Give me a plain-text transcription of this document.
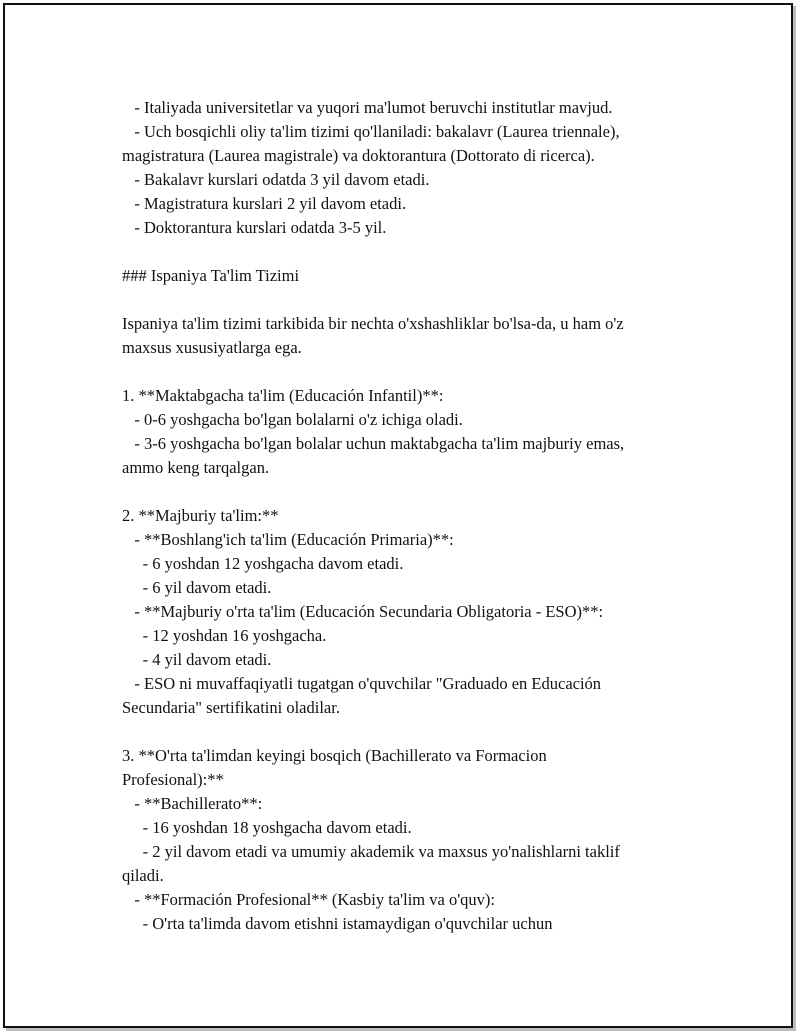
- Italiyada universitetlar va yuqori ma'lumot beruvchi institutlar mavjud.
- Uch bosqichli oliy ta'lim tizimi qo'llaniladi: bakalavr (Laurea triennale),
magistratura (Laurea magistrale) va doktorantura (Dottorato di ricerca).
- Bakalavr kurslari odatda 3 yil davom etadi.
- Magistratura kurslari 2 yil davom etadi.
- Doktorantura kurslari odatda 3-5 yil.
### Ispaniya Ta'lim Tizimi
Ispaniya ta'lim tizimi tarkibida bir nechta o'xshashliklar bo'lsa-da, u ham o'z
maxsus xususiyatlarga ega.
1. **Maktabgacha ta'lim (Educación Infantil)**:
- 0-6 yoshgacha bo'lgan bolalarni o'z ichiga oladi.
- 3-6 yoshgacha bo'lgan bolalar uchun maktabgacha ta'lim majburiy emas,
ammo keng tarqalgan.
2. **Majburiy ta'lim:**
- **Boshlang'ich ta'lim (Educación Primaria)**:
- 6 yoshdan 12 yoshgacha davom etadi.
- 6 yil davom etadi.
- **Majburiy o'rta ta'lim (Educación Secundaria Obligatoria - ESO)**:
- 12 yoshdan 16 yoshgacha.
- 4 yil davom etadi.
- ESO ni muvaffaqiyatli tugatgan o'quvchilar "Graduado en Educación
Secundaria" sertifikatini oladilar.
3. **O'rta ta'limdan keyingi bosqich (Bachillerato va Formacion
Profesional):**
- **Bachillerato**:
- 16 yoshdan 18 yoshgacha davom etadi.
- 2 yil davom etadi va umumiy akademik va maxsus yo'nalishlarni taklif
qiladi.
- **Formación Profesional** (Kasbiy ta'lim va o'quv):
- O'rta ta'limda davom etishni istamaydigan o'quvchilar uchun
